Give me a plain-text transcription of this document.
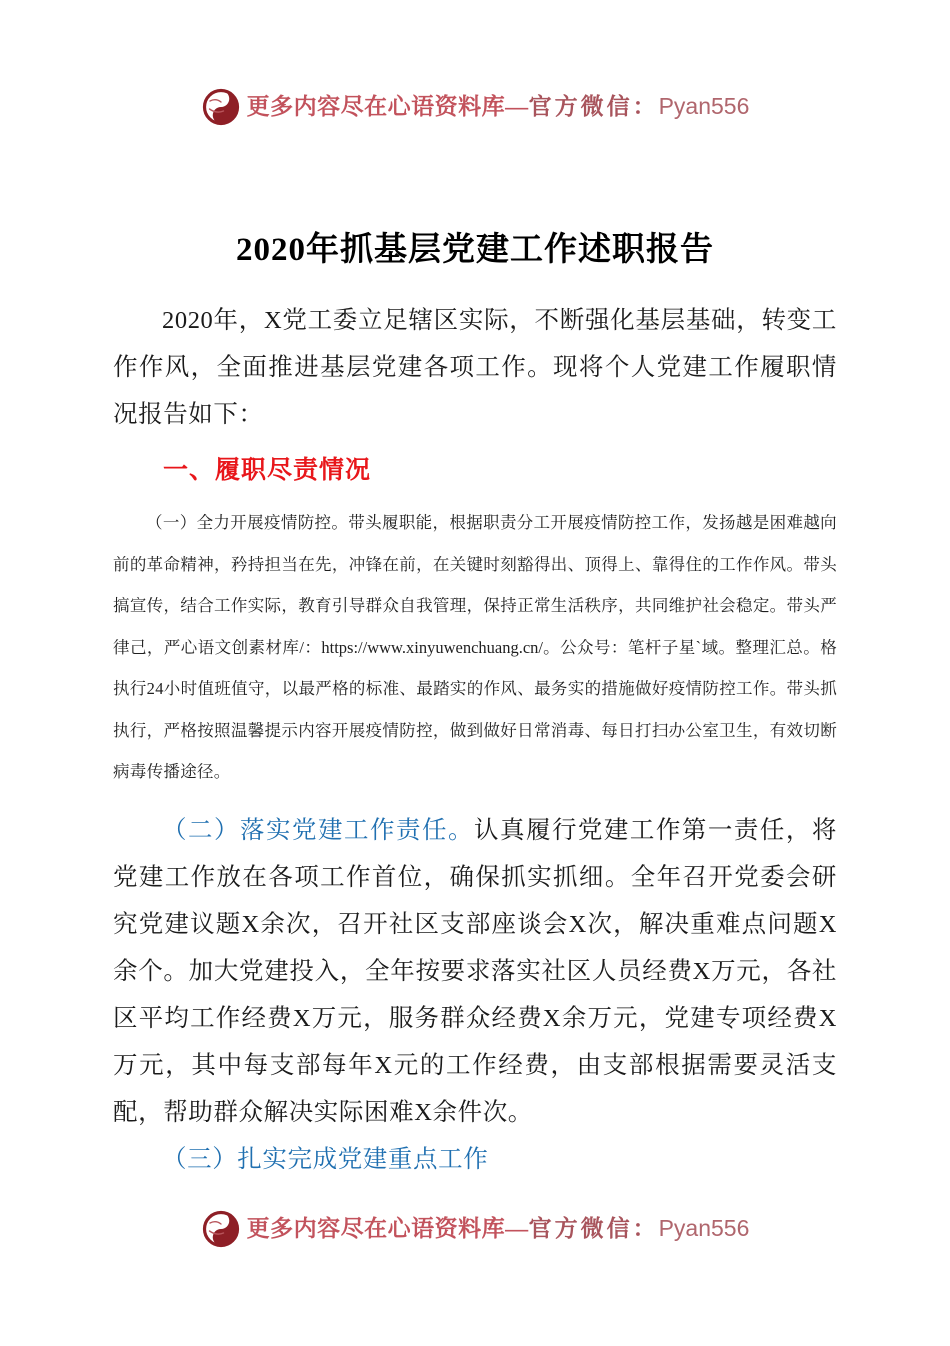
更多内容尽在心语资料库—官方微信：Pyan556
2020年抓基层党建工作述职报告

2020年，X党工委立足辖区实际，不断强化基层基础，转变工作作风，全面推进基层党建各项工作。现将个人党建工作履职情况报告如下：

一、履职尽责情况

（一）全力开展疫情防控。带头履职能，根据职责分工开展疫情防控工作，发扬越是困难越向前的革命精神，矜持担当在先，冲锋在前，在关键时刻豁得出、顶得上、靠得住的工作作风。带头搞宣传，结合工作实际，教育引导群众自我管理，保持正常生活秩序，共同维护社会稳定。带头严律己，严心语文创素材库/：https://www.xinyuwenchuang.cn/。公众号：笔杆子星`域。整理汇总。格执行24小时值班值守，以最严格的标准、最踏实的作风、最务实的措施做好疫情防控工作。带头抓执行，严格按照温馨提示内容开展疫情防控，做到做好日常消毒、每日打扫办公室卫生，有效切断病毒传播途径。

（二）落实党建工作责任。认真履行党建工作第一责任，将党建工作放在各项工作首位，确保抓实抓细。全年召开党委会研究党建议题X余次，召开社区支部座谈会X次，解决重难点问题X余个。加大党建投入，全年按要求落实社区人员经费X万元，各社区平均工作经费X万元，服务群众经费X余万元，党建专项经费X万元，其中每支部每年X元的工作经费，由支部根据需要灵活支配，帮助群众解决实际困难X余件次。

（三）扎实完成党建重点工作

更多内容尽在心语资料库—官方微信：Pyan556
